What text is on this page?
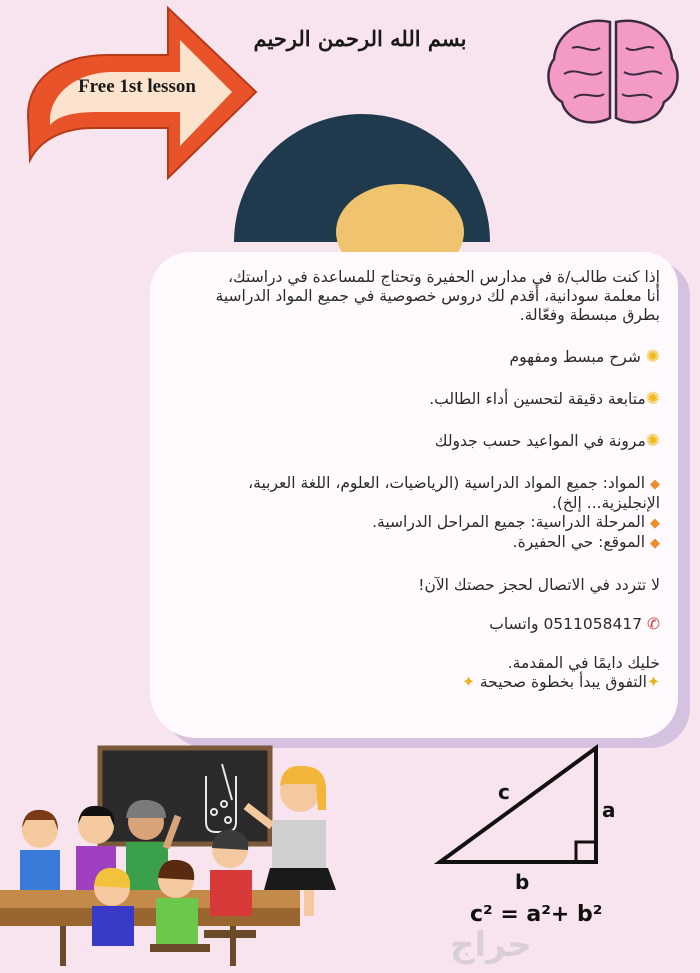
Free 1st lesson
بسم الله الرحمن الرحيم

إذا كنت طالب/ة في مدارس الحفيرة وتحتاج للمساعدة في دراستك،

أنا معلمة سودانية، أقدم لك دروس خصوصية في جميع المواد الدراسية

بطرق مبسطة وفعّالة.

✺ شرح مبسط ومفهوم

✺متابعة دقيقة لتحسين أداء الطالب.

✺مرونة في المواعيد حسب جدولك

◆ المواد: جميع المواد الدراسية (الرياضيات، العلوم، اللغة العربية،

الإنجليزية... إلخ).

◆ المرحلة الدراسية: جميع المراحل الدراسية.

◆ الموقع: حي الحفيرة.

لا تتردد في الاتصال لحجز حصتك الآن!

✆ 0511058417 واتساب

خليك دايمًا في المقدمة.

✦التفوق يبدأ بخطوة صحيحة ✦

c
a
b
c² = a²+ b²
حراج
